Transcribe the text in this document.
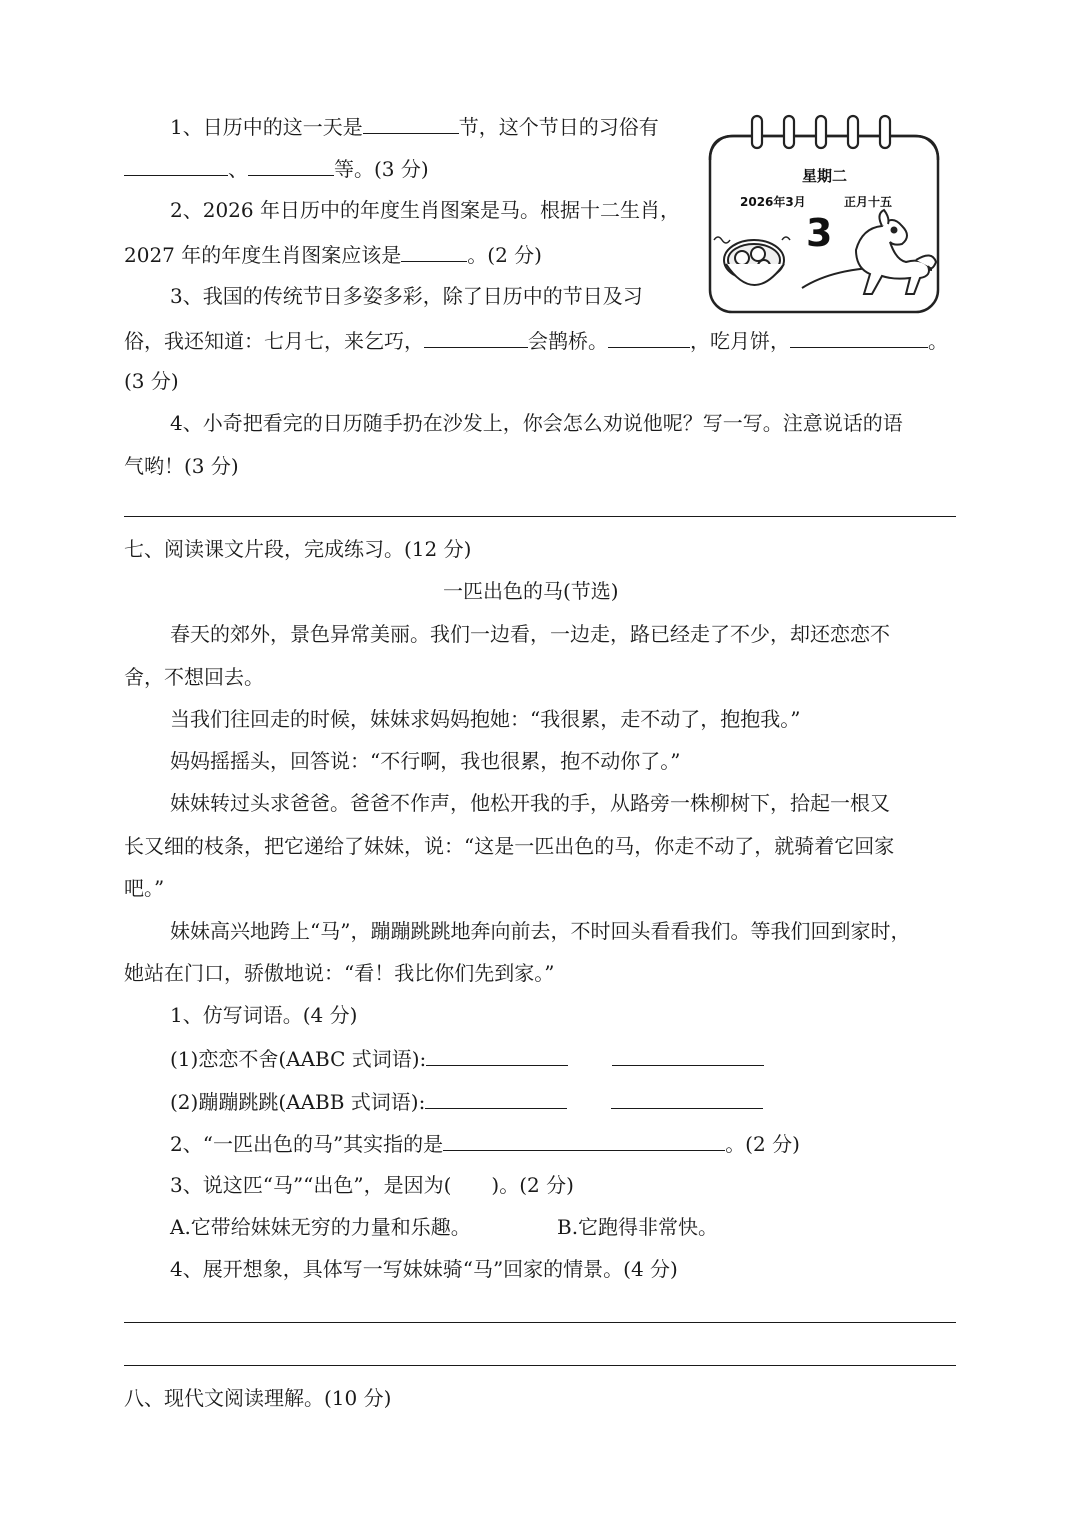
1、日历中的这一天是	节，这个节日的习俗有
、	等。(3 分)
2、2026 年日历中的年度生肖图案是马。根据十二生肖，
2027 年的年度生肖图案应该是	。(2 分)
3、我国的传统节日多姿多彩，除了日历中的节日及习
俗，我还知道：七月七，来乞巧，	会鹊桥。	，吃月饼，	。
(3 分)
4、小奇把看完的日历随手扔在沙发上，你会怎么劝说他呢？写一写。注意说话的语
气哟！(3 分)
星期二
2026年3月	正月十五
3
七、阅读课文片段，完成练习。(12 分)
一匹出色的马(节选)
春天的郊外，景色异常美丽。我们一边看，一边走，路已经走了不少，却还恋恋不
舍，不想回去。
当我们往回走的时候，妹妹求妈妈抱她：“我很累，走不动了，抱抱我。”
妈妈摇摇头，回答说：“不行啊，我也很累，抱不动你了。”
妹妹转过头求爸爸。爸爸不作声，他松开我的手，从路旁一株柳树下，拾起一根又
长又细的枝条，把它递给了妹妹，说：“这是一匹出色的马，你走不动了，就骑着它回家
吧。”
妹妹高兴地跨上“马”，蹦蹦跳跳地奔向前去，不时回头看看我们。等我们回到家时，
她站在门口，骄傲地说：“看！我比你们先到家。”
1、仿写词语。(4 分)
(1)恋恋不舍(AABC 式词语):
(2)蹦蹦跳跳(AABB 式词语):
2、“一匹出色的马”其实指的是	。(2 分)
3、说这匹“马”“出色”，是因为(　　)。(2 分)
A.它带给妹妹无穷的力量和乐趣。	B.它跑得非常快。
4、展开想象，具体写一写妹妹骑“马”回家的情景。(4 分)
八、现代文阅读理解。(10 分)
